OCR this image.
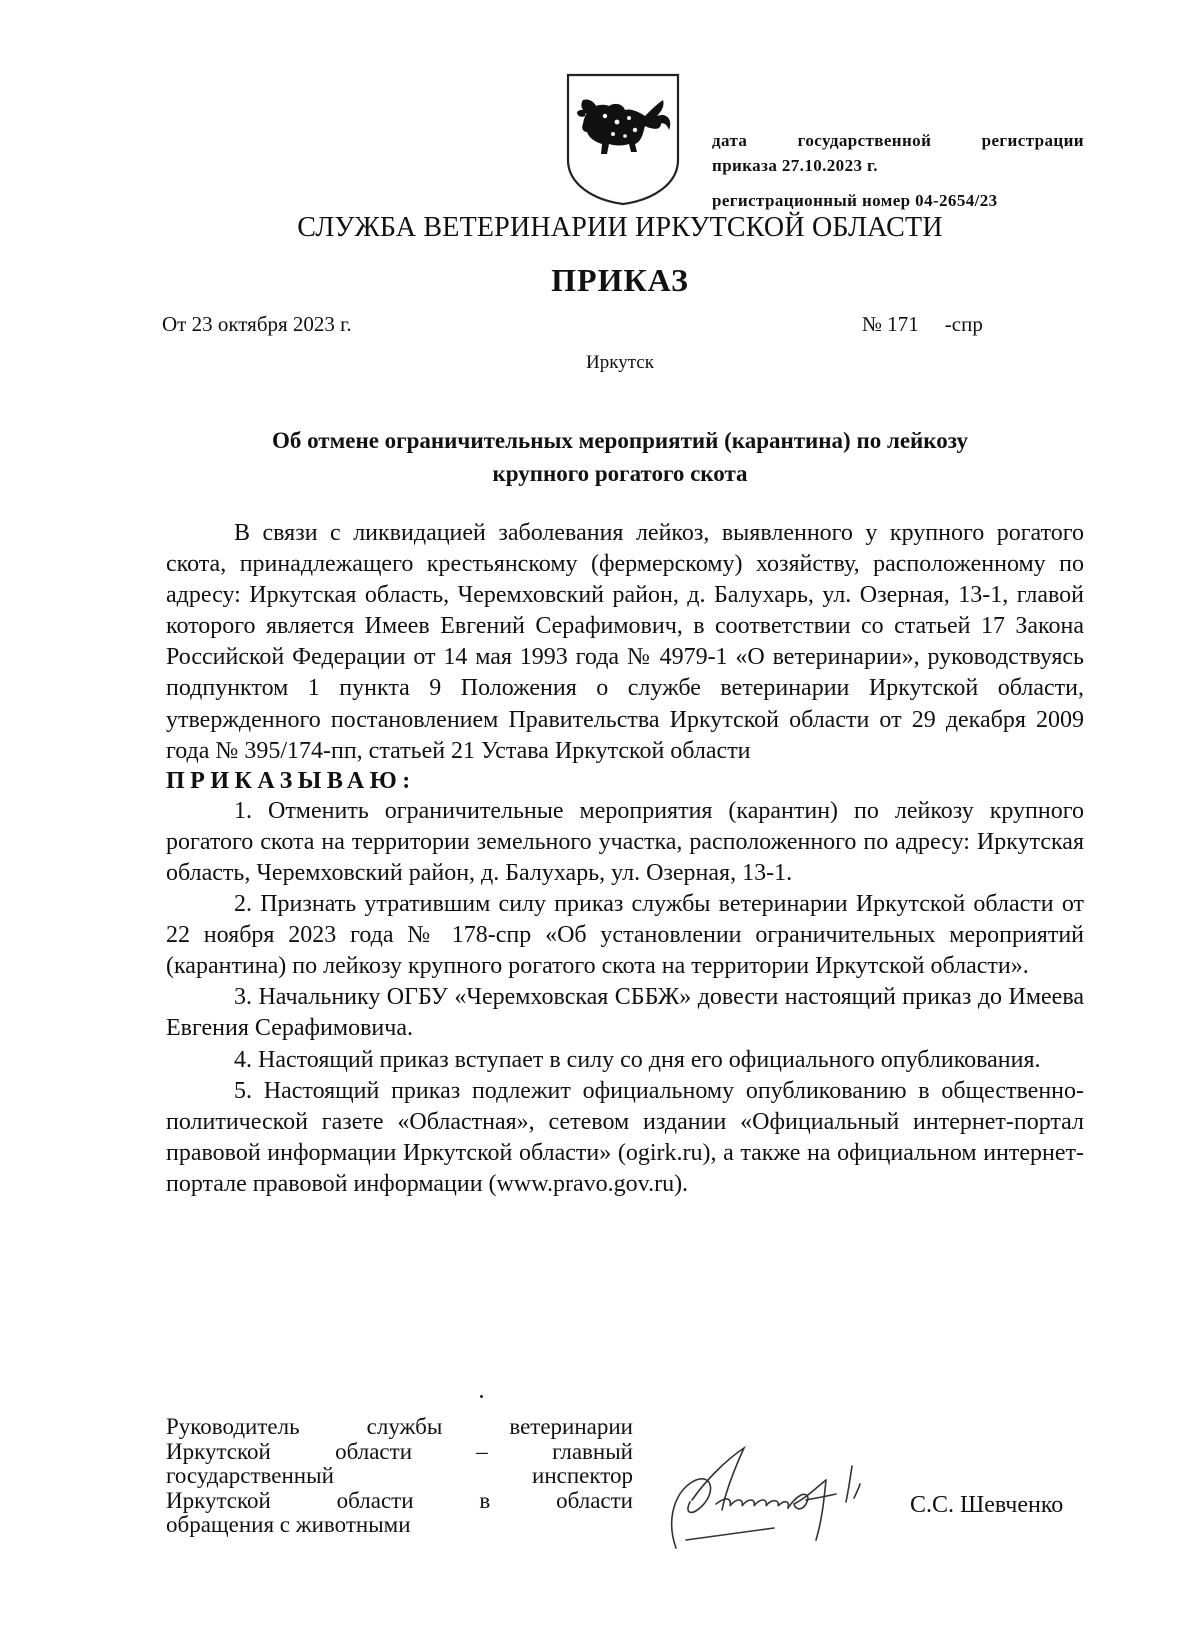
дата государственной регистрации
приказа 27.10.2023 г.
регистрационный номер 04-2654/23
СЛУЖБА ВЕТЕРИНАРИИ ИРКУТСКОЙ ОБЛАСТИ
ПРИКАЗ
От 23 октября 2023 г.	№ 171 -спр
Иркутск
Об отмене ограничительных мероприятий (карантина) по лейкозу
крупного рогатого скота

В связи с ликвидацией заболевания лейкоз, выявленного у крупного рогатого скота, принадлежащего крестьянскому (фермерскому) хозяйству, расположенному по адресу: Иркутская область, Черемховский район, д. Балухарь, ул. Озерная, 13-1, главой которого является Имеев Евгений Серафимович, в соответствии со статьей 17 Закона Российской Федерации от 14 мая 1993 года № 4979-1 «О ветеринарии», руководствуясь подпунктом 1 пункта 9 Положения о службе ветеринарии Иркутской области, утвержденного постановлением Правительства Иркутской области от 29 декабря 2009 года № 395/174-пп, статьей 21 Устава Иркутской области

ПРИКАЗЫВАЮ:

1. Отменить ограничительные мероприятия (карантин) по лейкозу крупного рогатого скота на территории земельного участка, расположенного по адресу: Иркутская область, Черемховский район, д. Балухарь, ул. Озерная, 13-1.

2. Признать утратившим силу приказ службы ветеринарии Иркутской области от 22 ноября 2023 года № 178-спр «Об установлении ограничительных мероприятий (карантина) по лейкозу крупного рогатого скота на территории Иркутской области».

3. Начальнику ОГБУ «Черемховская СББЖ» довести настоящий приказ до Имеева Евгения Серафимовича.

4. Настоящий приказ вступает в силу со дня его официального опубликования.

5. Настоящий приказ подлежит официальному опубликованию в общественно-политической газете «Областная», сетевом издании «Официальный интернет-портал правовой информации Иркутской области» (ogirk.ru), а также на официальном интернет-портале правовой информации (www.pravo.gov.ru).

Руководитель службы ветеринарии
Иркутской области – главный
государственный инспектор
Иркутской области в области
обращения с животными
С.С. Шевченко
